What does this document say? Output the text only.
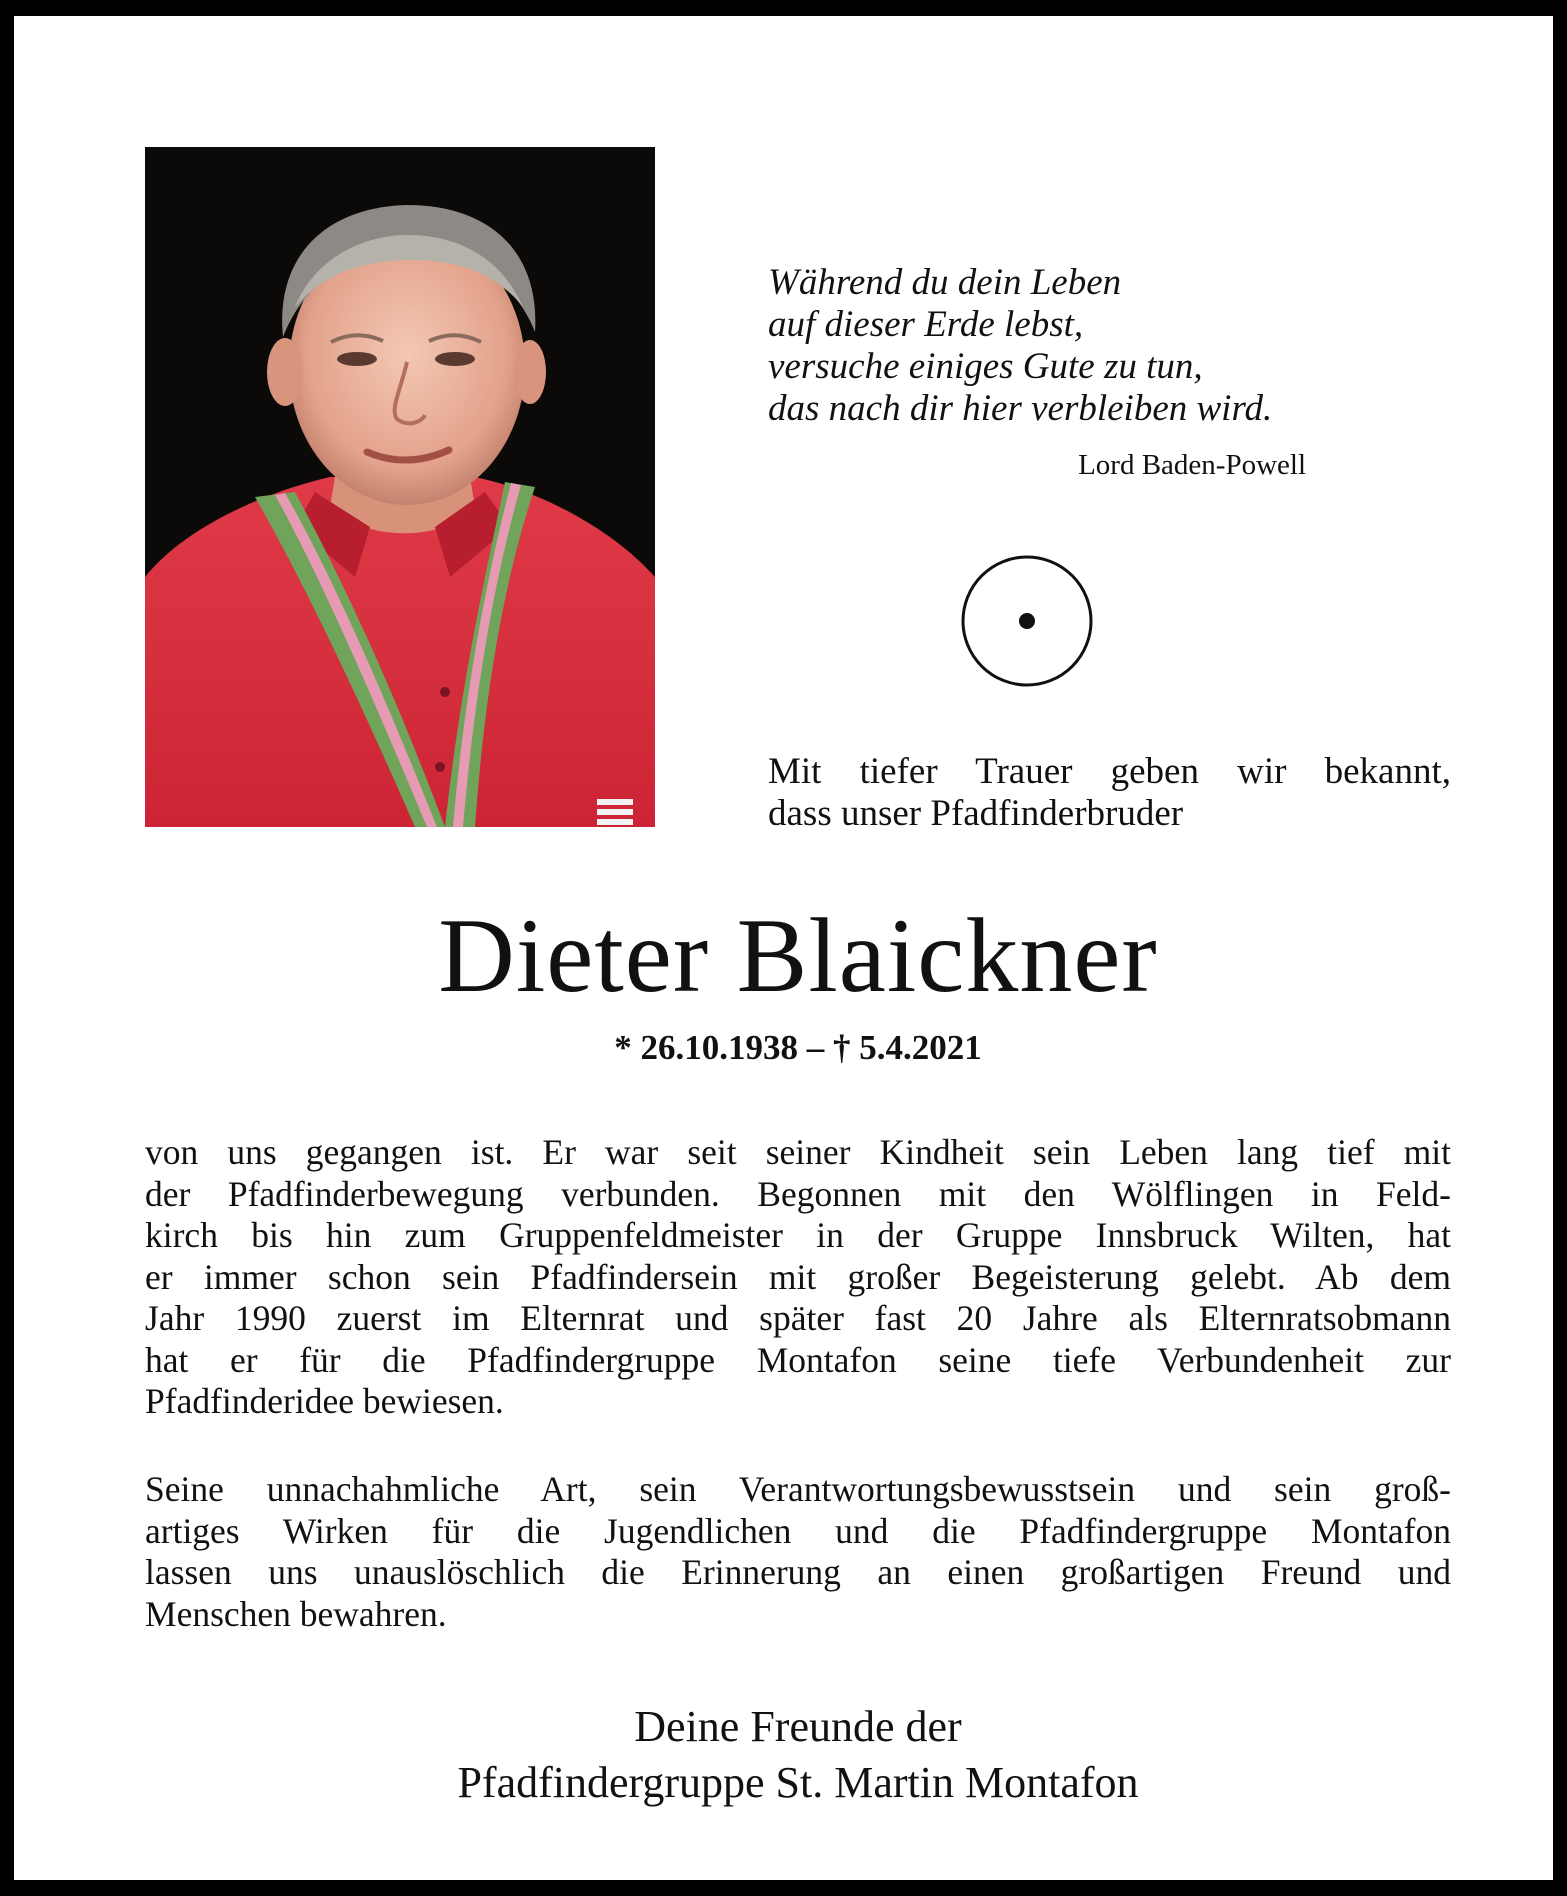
Während du dein Leben
auf dieser Erde lebst,
versuche einiges Gute zu tun,
das nach dir hier verbleiben wird.
Lord Baden-Powell
Mit tiefer Trauer geben wir bekannt,
dass unser Pfadfinderbruder
Dieter Blaickner
* 26.10.1938 – † 5.4.2021
von uns gegangen ist. Er war seit seiner Kindheit sein Leben lang tief mit
der Pfadfinderbewegung verbunden. Begonnen mit den Wölflingen in Feld-
kirch bis hin zum Gruppenfeldmeister in der Gruppe Innsbruck Wilten, hat
er immer schon sein Pfadfindersein mit großer Begeisterung gelebt. Ab dem
Jahr 1990 zuerst im Elternrat und später fast 20 Jahre als Elternratsobmann
hat er für die Pfadfindergruppe Montafon seine tiefe Verbundenheit zur
Pfadfinderidee bewiesen.
Seine unnachahmliche Art, sein Verantwortungsbewusstsein und sein groß-
artiges Wirken für die Jugendlichen und die Pfadfindergruppe Montafon
lassen uns unauslöschlich die Erinnerung an einen großartigen Freund und
Menschen bewahren.
Deine Freunde der
Pfadfindergruppe St. Martin Montafon
